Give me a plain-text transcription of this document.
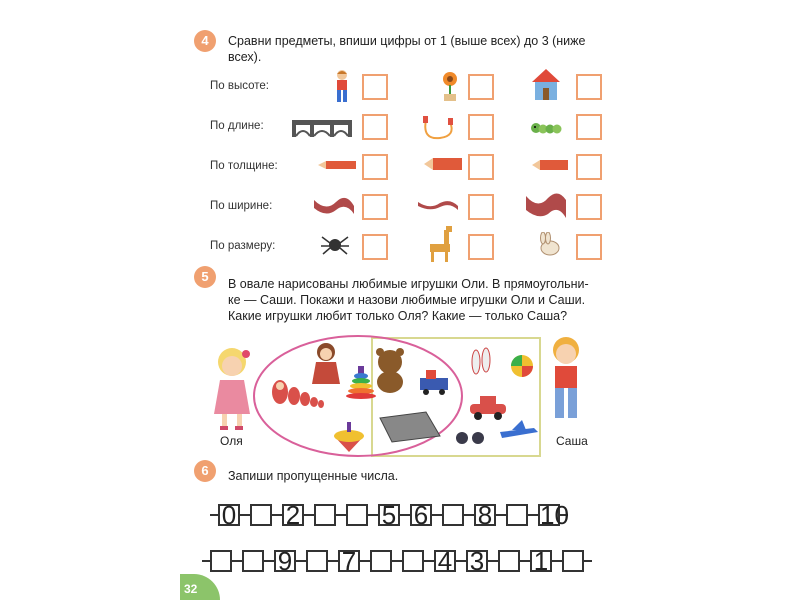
4	Сравни предметы, впиши цифры от 1 (выше всех) до 3 (ниже
всех).
По высоте:
По длине:
По толщине:
По ширине:
По размеру:
5	В овале нарисованы любимые игрушки Оли. В прямоугольни-
ке — Саши. Покажи и назови любимые игрушки Оли и Саши.
Какие игрушки любит только Оля? Какие — только Саша?
Оля	Саша
6	Запиши пропущенные числа.
0 2	5 6 8 10
9 7	4 3 1
32
